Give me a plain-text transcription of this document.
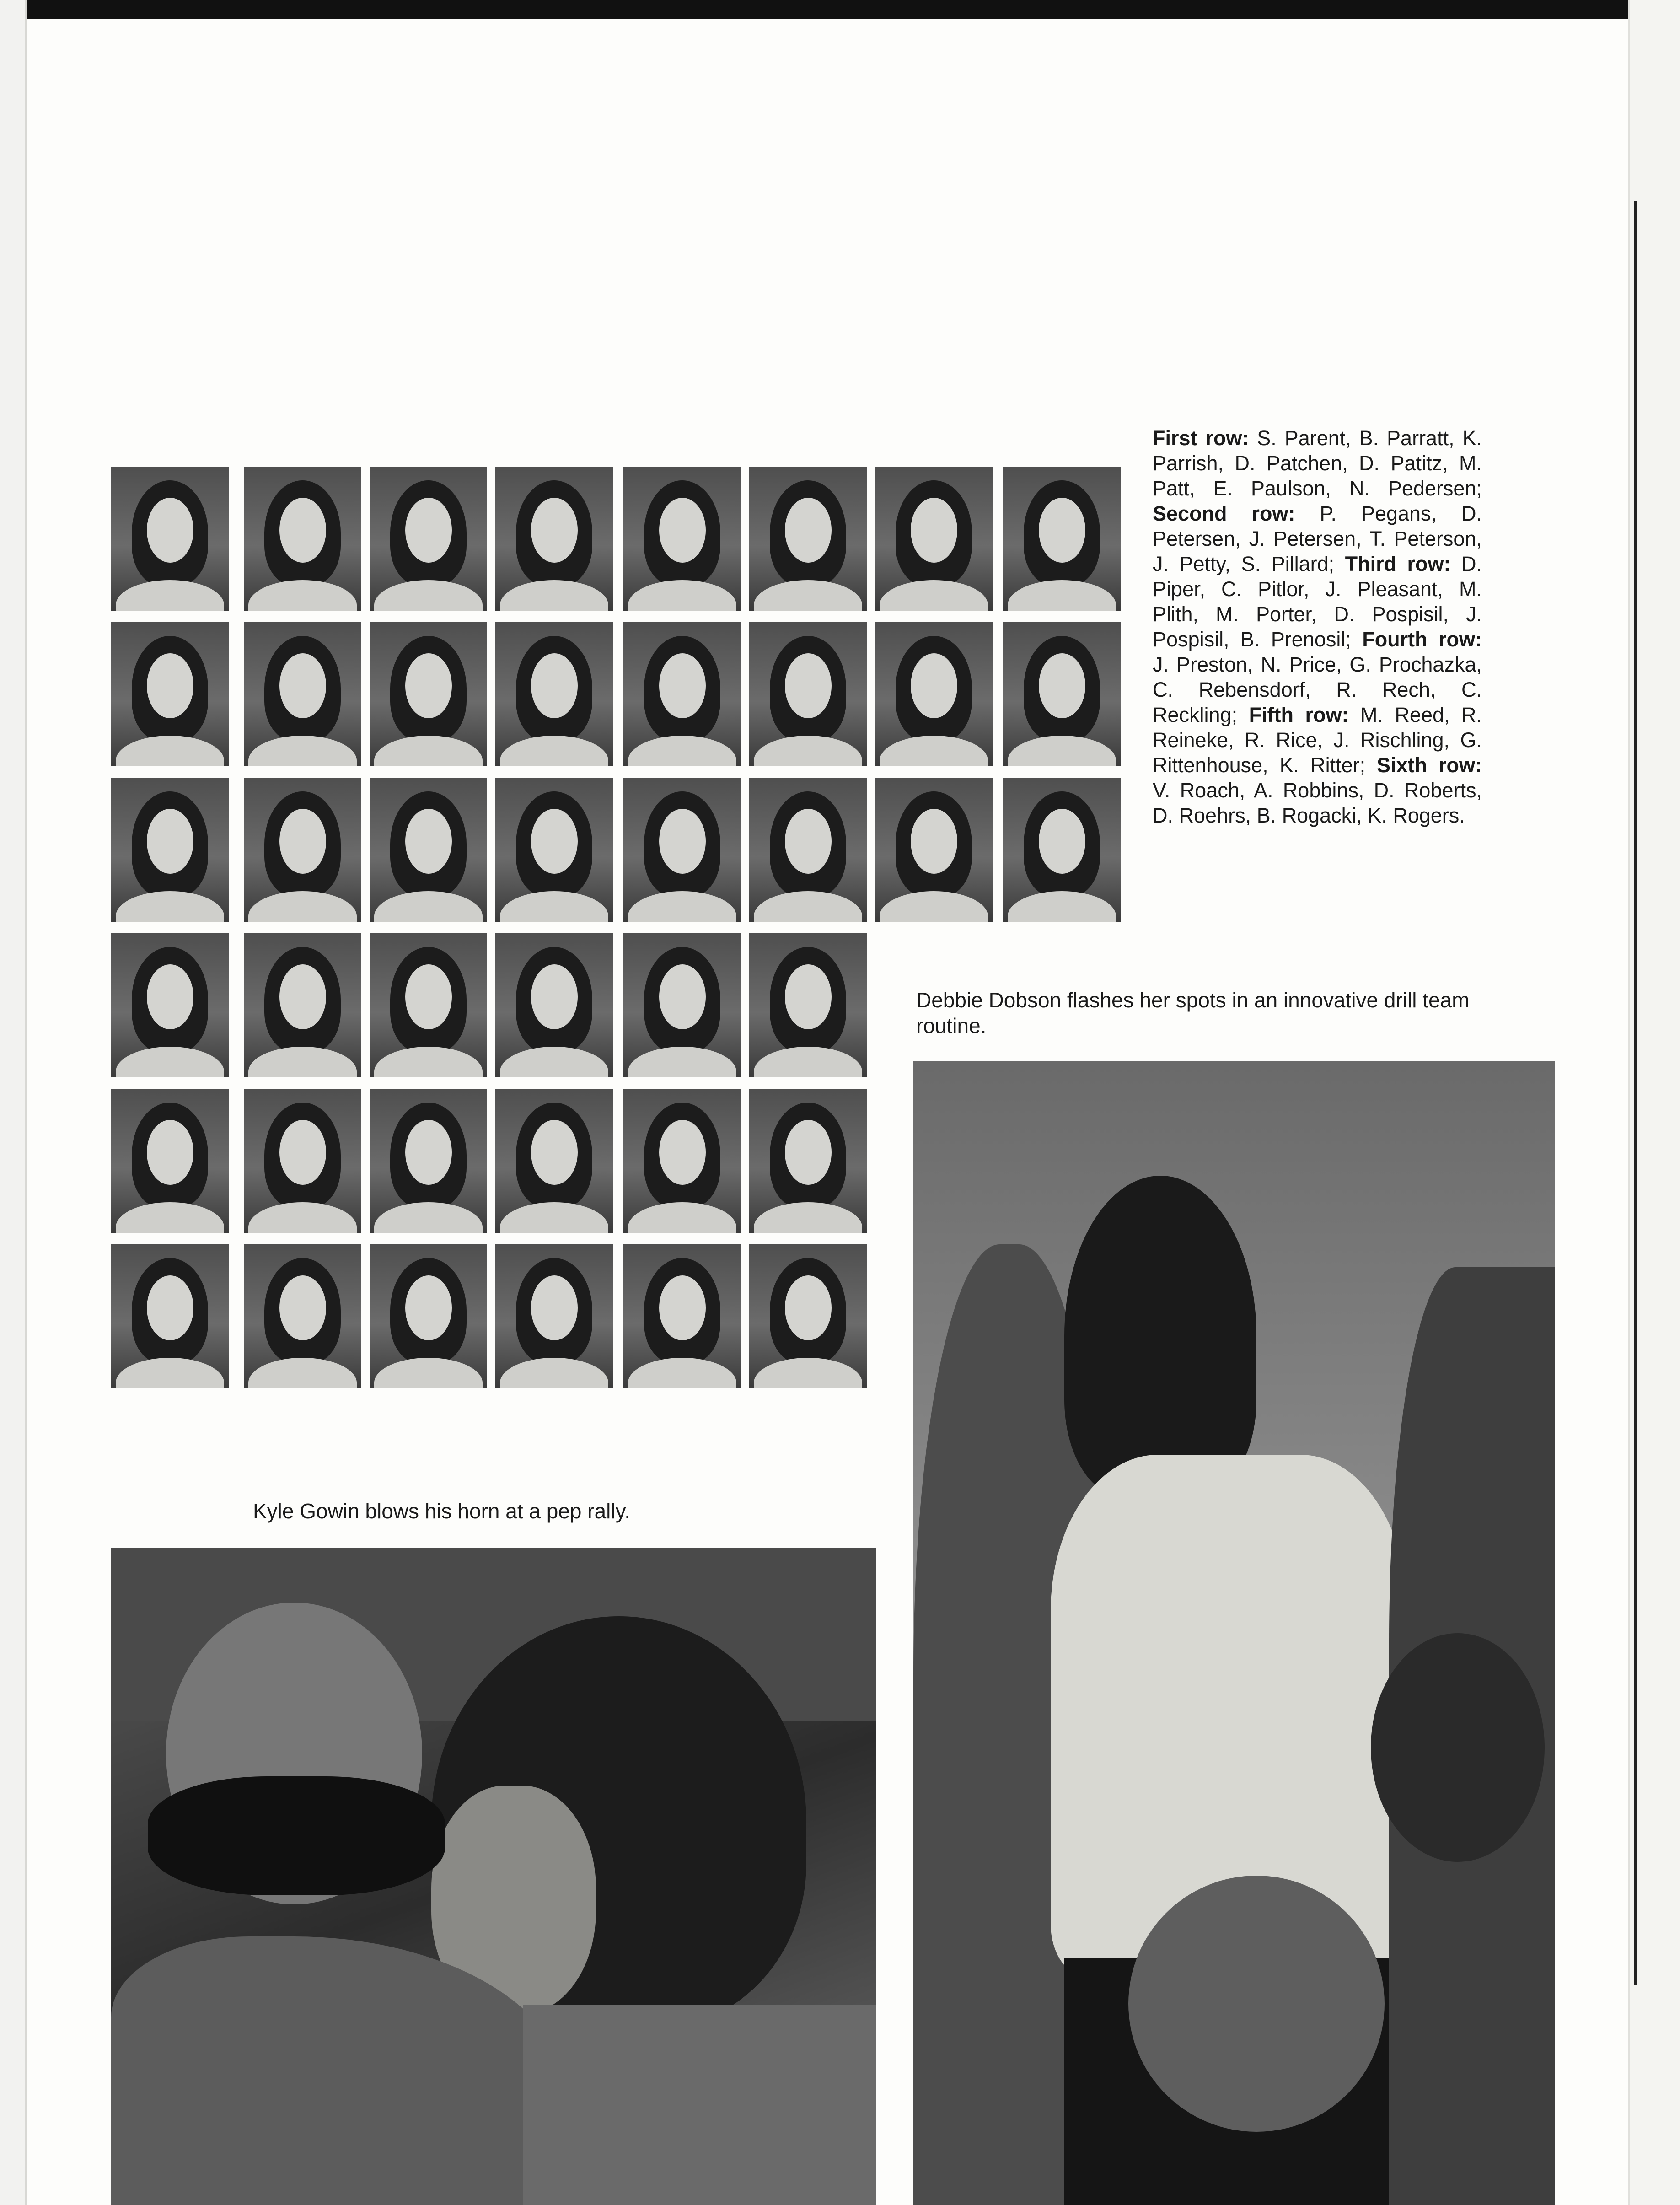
First row: S. Parent, B. Parratt, K. Parrish, D. Patchen, D. Patitz, M. Patt, E. Paulson, N. Pedersen; Second row: P. Pegans, D. Petersen, J. Petersen, T. Peterson, J. Petty, S. Pillard; Third row: D. Piper, C. Pitlor, J. Pleasant, M. Plith, M. Porter, D. Pospisil, J. Pospisil, B. Prenosil; Fourth row: J. Preston, N. Price, G. Prochazka, C. Rebensdorf, R. Rech, C. Reckling; Fifth row: M. Reed, R. Reineke, R. Rice, J. Rischling, G. Rittenhouse, K. Ritter; Sixth row: V. Roach, A. Robbins, D. Roberts, D. Roehrs, B. Rogacki, K. Rogers.
Debbie Dobson flashes her spots in an innovative drill team routine.
Kyle Gowin blows his horn at a pep rally.
